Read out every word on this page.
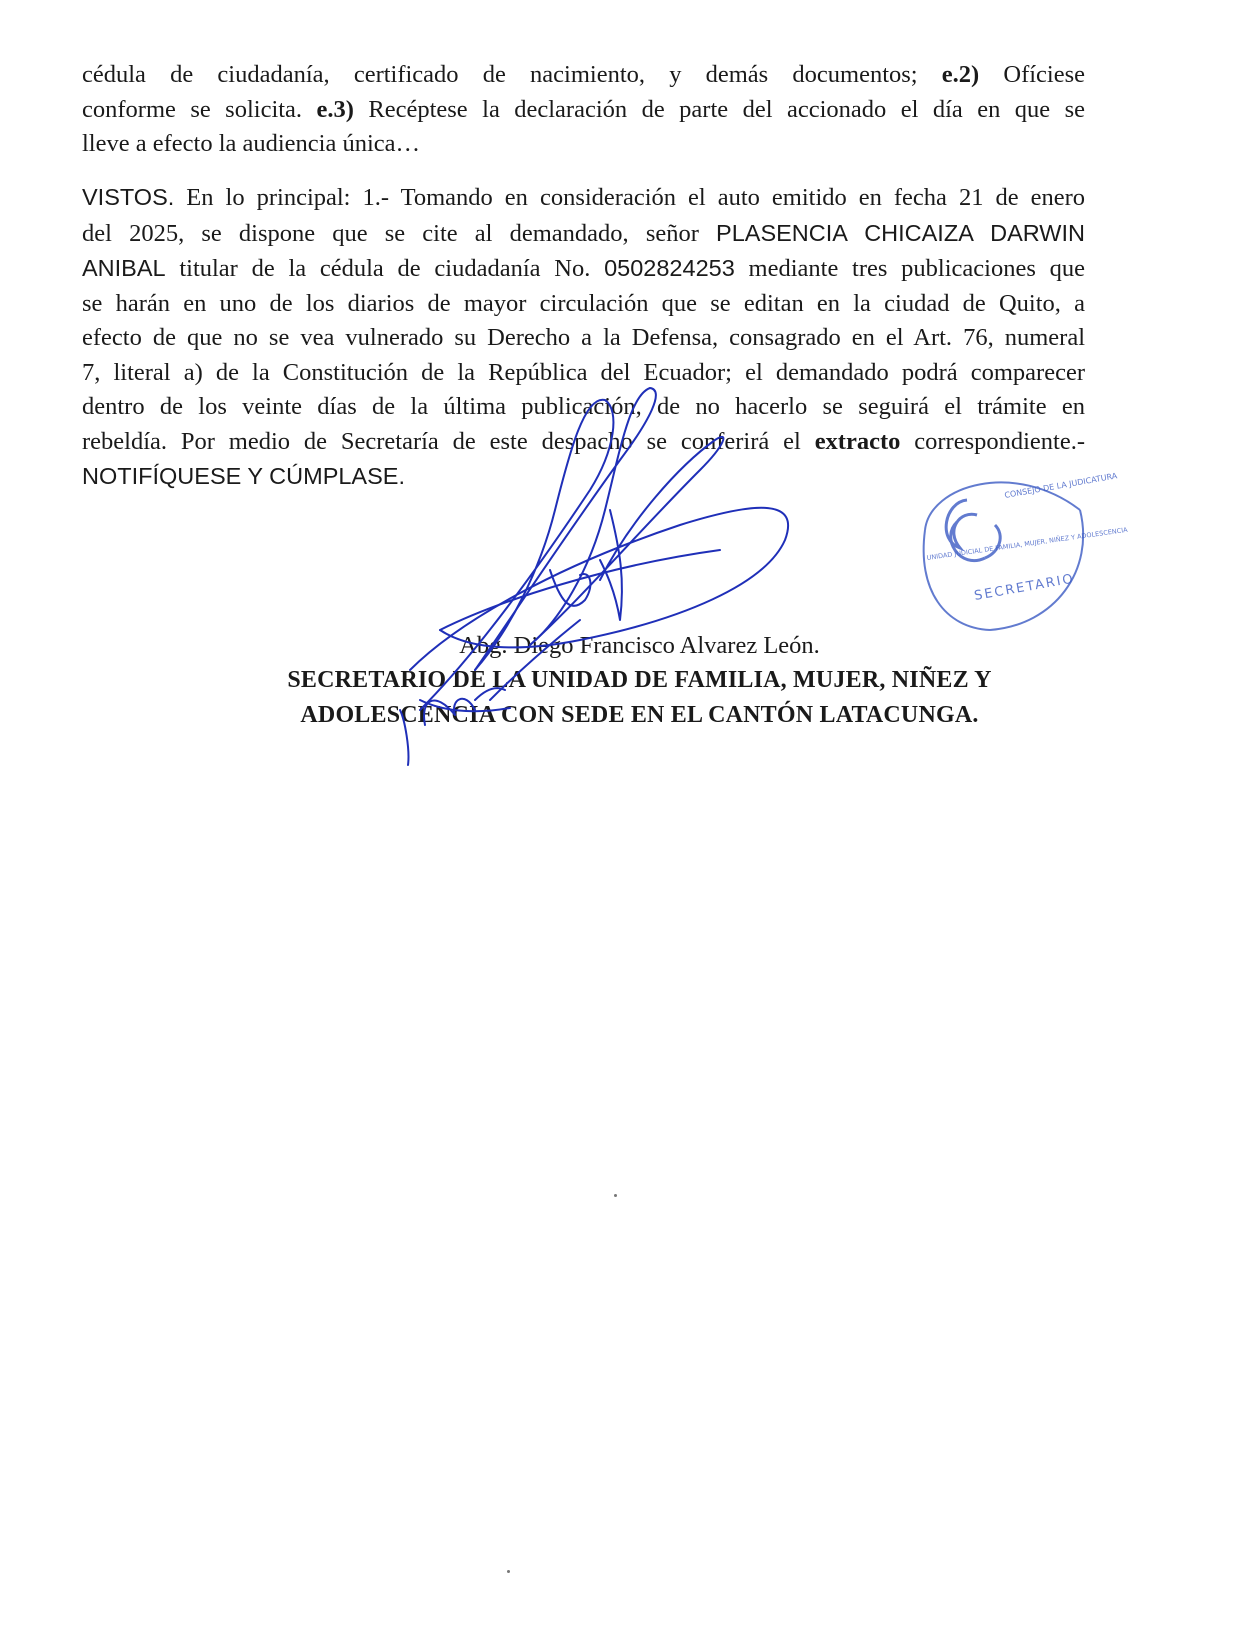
cédula de ciudadanía, certificado de nacimiento, y demás documentos; e.2) Ofíciese
conforme se solicita. e.3) Recéptese la declaración de parte del accionado el día en que se
lleve a efecto la audiencia única…

VISTOS. En lo principal: 1.- Tomando en consideración el auto emitido en fecha 21 de enero
del 2025, se dispone que se cite al demandado, señor PLASENCIA CHICAIZA DARWIN
ANIBAL titular de la cédula de ciudadanía No. 0502824253 mediante tres publicaciones que
se harán en uno de los diarios de mayor circulación que se editan en la ciudad de Quito, a
efecto de que no se vea vulnerado su Derecho a la Defensa, consagrado en el Art. 76, numeral
7, literal a) de la Constitución de la República del Ecuador; el demandado podrá comparecer
dentro de los veinte días de la última publicación, de no hacerlo se seguirá el trámite en
rebeldía. Por medio de Secretaría de este despacho se conferirá el extracto correspondiente.-
NOTIFÍQUESE Y CÚMPLASE.

Abg. Diego Francisco Alvarez León.
SECRETARIO DE LA UNIDAD DE FAMILIA, MUJER, NIÑEZ Y
ADOLESCENCIA CON SEDE EN EL CANTÓN LATACUNGA.
CONSEJO DE LA JUDICATURA
UNIDAD JUDICIAL DE FAMILIA, MUJER, NIÑEZ Y ADOLESCENCIA
SECRETARIO
